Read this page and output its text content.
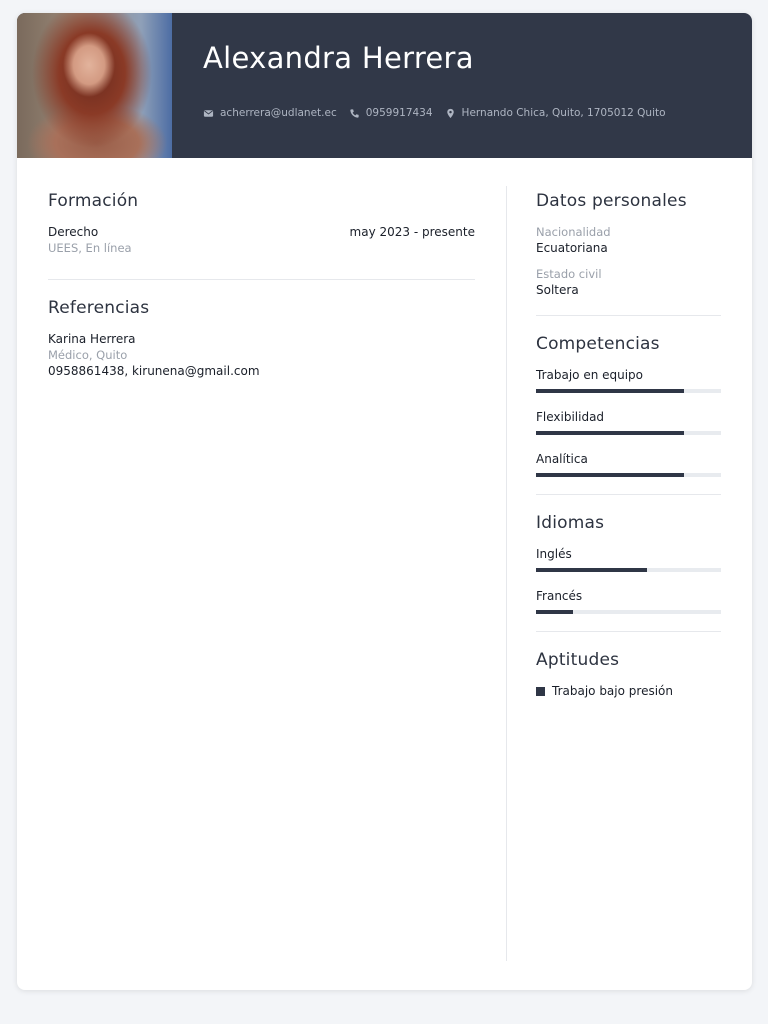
Alexandra Herrera
acherrera@udlanet.ec	0959917434	Hernando Chica, Quito, 1705012 Quito
Formación
Derecho	may 2023 - presente
UEES, En línea
Referencias
Karina Herrera
Médico, Quito
0958861438, kirunena@gmail.com
Datos personales
Nacionalidad
Ecuatoriana
Estado civil
Soltera
Competencias
Trabajo en equipo
Flexibilidad
Analítica
Idiomas
Inglés
Francés
Aptitudes
Trabajo bajo presión
